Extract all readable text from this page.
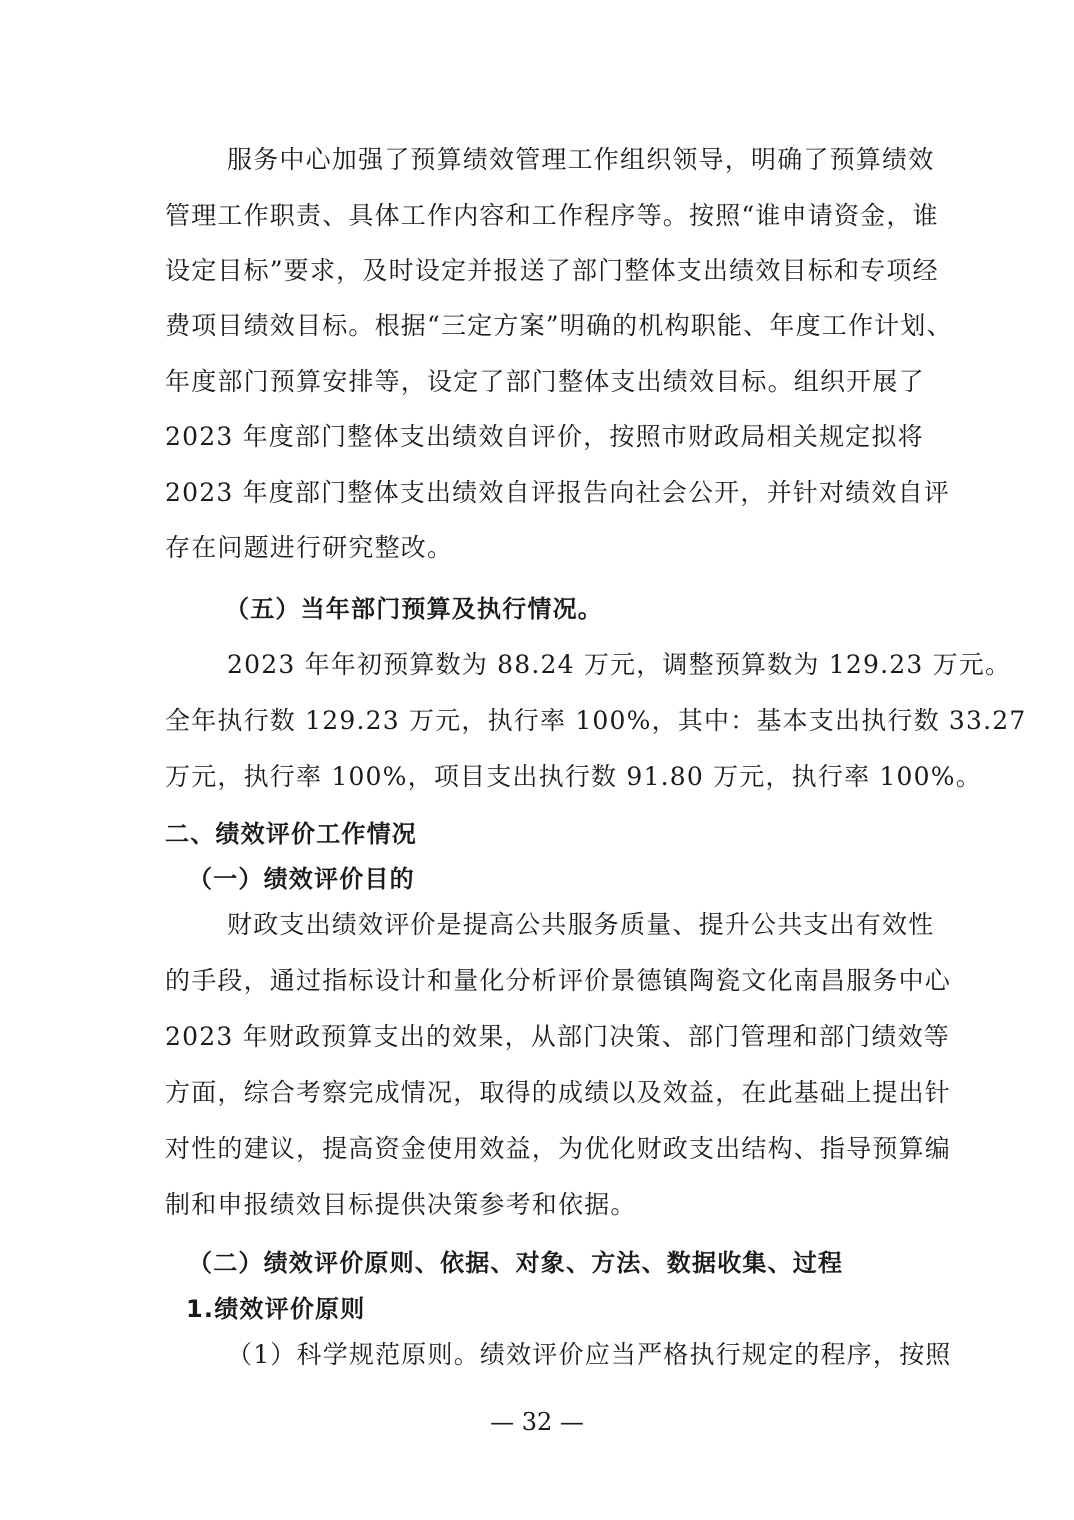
服务中心加强了预算绩效管理工作组织领导，明确了预算绩效
管理工作职责、具体工作内容和工作程序等。按照“谁申请资金，谁
设定目标”要求，及时设定并报送了部门整体支出绩效目标和专项经
费项目绩效目标。根据“三定方案”明确的机构职能、年度工作计划、
年度部门预算安排等，设定了部门整体支出绩效目标。组织开展了
2023 年度部门整体支出绩效自评价，按照市财政局相关规定拟将
2023 年度部门整体支出绩效自评报告向社会公开，并针对绩效自评
存在问题进行研究整改。
（五）当年部门预算及执行情况。
2023 年年初预算数为 88.24 万元，调整预算数为 129.23 万元。
全年执行数 129.23 万元，执行率 100%，其中：基本支出执行数 33.27
万元，执行率 100%，项目支出执行数 91.80 万元，执行率 100%。
二、绩效评价工作情况
（一）绩效评价目的
财政支出绩效评价是提高公共服务质量、提升公共支出有效性
的手段，通过指标设计和量化分析评价景德镇陶瓷文化南昌服务中心
2023 年财政预算支出的效果，从部门决策、部门管理和部门绩效等
方面，综合考察完成情况，取得的成绩以及效益，在此基础上提出针
对性的建议，提高资金使用效益，为优化财政支出结构、指导预算编
制和申报绩效目标提供决策参考和依据。
（二）绩效评价原则、依据、对象、方法、数据收集、过程
1.绩效评价原则
（1）科学规范原则。绩效评价应当严格执行规定的程序，按照
— 32 —
